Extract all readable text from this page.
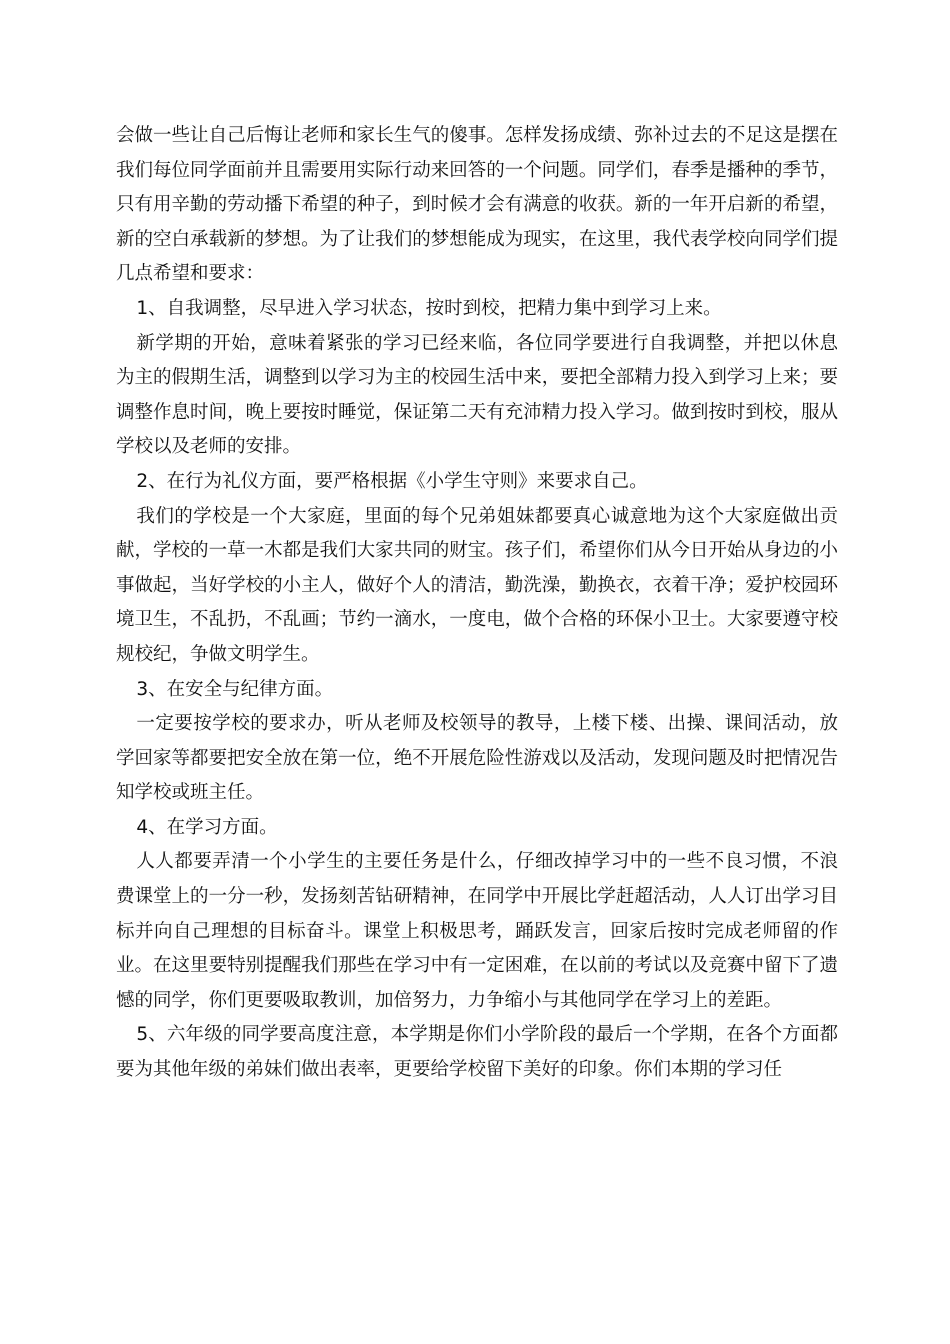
会做一些让自己后悔让老师和家长生气的傻事。怎样发扬成绩、弥补过去的不足这是摆在我们每位同学面前并且需要用实际行动来回答的一个问题。同学们，春季是播种的季节，只有用辛勤的劳动播下希望的种子，到时候才会有满意的收获。新的一年开启新的希望，新的空白承载新的梦想。为了让我们的梦想能成为现实，在这里，我代表学校向同学们提几点希望和要求：

1、自我调整，尽早进入学习状态，按时到校，把精力集中到学习上来。

新学期的开始，意味着紧张的学习已经来临，各位同学要进行自我调整，并把以休息为主的假期生活，调整到以学习为主的校园生活中来，要把全部精力投入到学习上来；要调整作息时间，晚上要按时睡觉，保证第二天有充沛精力投入学习。做到按时到校，服从学校以及老师的安排。

2、在行为礼仪方面，要严格根据《小学生守则》来要求自己。

我们的学校是一个大家庭，里面的每个兄弟姐妹都要真心诚意地为这个大家庭做出贡献，学校的一草一木都是我们大家共同的财宝。孩子们，希望你们从今日开始从身边的小事做起，当好学校的小主人，做好个人的清洁，勤洗澡，勤换衣，衣着干净；爱护校园环境卫生，不乱扔，不乱画；节约一滴水，一度电，做个合格的环保小卫士。大家要遵守校规校纪，争做文明学生。

3、在安全与纪律方面。

一定要按学校的要求办，听从老师及校领导的教导，上楼下楼、出操、课间活动，放学回家等都要把安全放在第一位，绝不开展危险性游戏以及活动，发现问题及时把情况告知学校或班主任。

4、在学习方面。

人人都要弄清一个小学生的主要任务是什么，仔细改掉学习中的一些不良习惯，不浪费课堂上的一分一秒，发扬刻苦钻研精神，在同学中开展比学赶超活动，人人订出学习目标并向自己理想的目标奋斗。课堂上积极思考，踊跃发言，回家后按时完成老师留的作业。在这里要特别提醒我们那些在学习中有一定困难，在以前的考试以及竞赛中留下了遗憾的同学，你们更要吸取教训，加倍努力，力争缩小与其他同学在学习上的差距。

5、六年级的同学要高度注意，本学期是你们小学阶段的最后一个学期，在各个方面都要为其他年级的弟妹们做出表率，更要给学校留下美好的印象。你们本期的学习任
